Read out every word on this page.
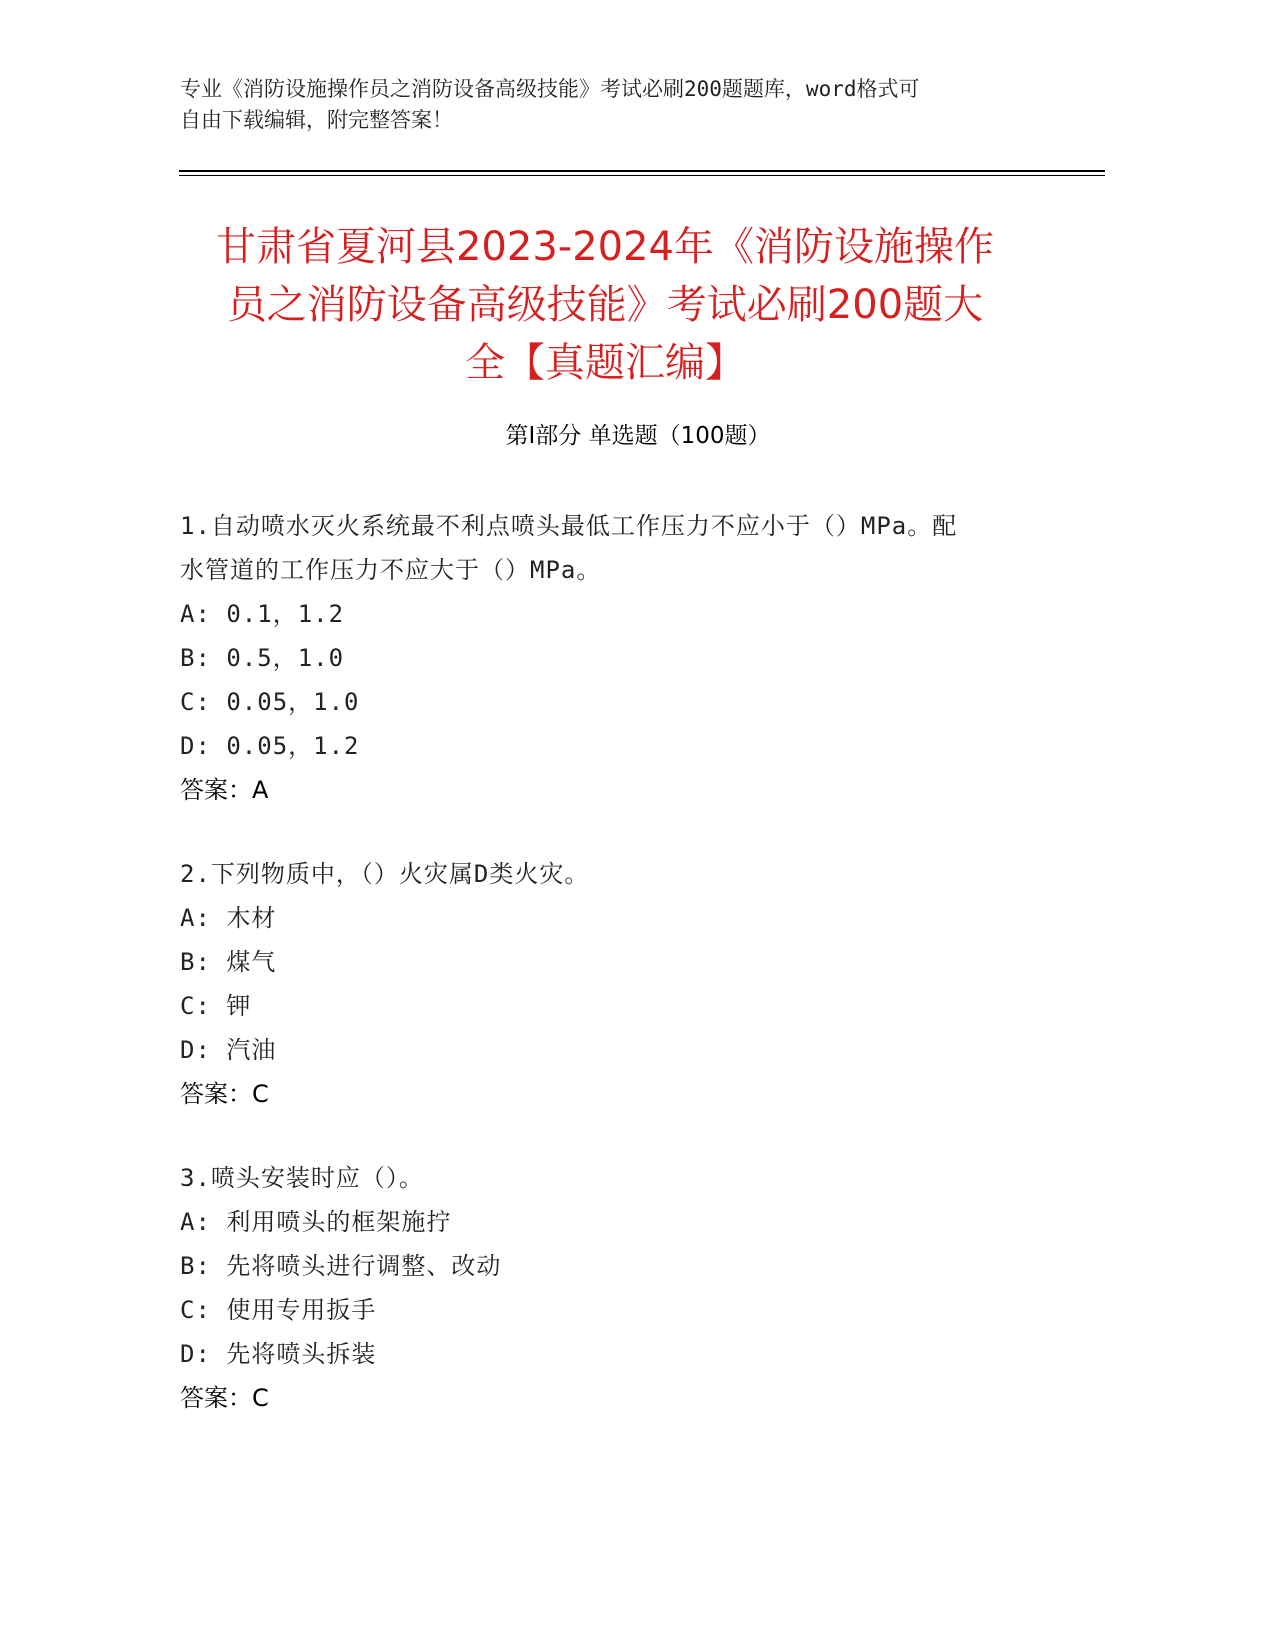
专业《消防设施操作员之消防设备高级技能》考试必刷200题题库，word格式可
自由下载编辑，附完整答案！
甘肃省夏河县2023-2024年《消防设施操作
员之消防设备高级技能》考试必刷200题大
全【真题汇编】
第Ⅰ部分 单选题（100题）

1.自动喷水灭火系统最不利点喷头最低工作压力不应小于（）MPa。配

水管道的工作压力不应大于（）MPa。

A: 0.1，1.2

B: 0.5，1.0

C: 0.05，1.0

D: 0.05，1.2

答案：A

2.下列物质中，（）火灾属D类火灾。

A: 木材

B: 煤气

C: 钾

D: 汽油

答案：C

3.喷头安装时应（）。

A: 利用喷头的框架施拧

B: 先将喷头进行调整、改动

C: 使用专用扳手

D: 先将喷头拆装

答案：C
